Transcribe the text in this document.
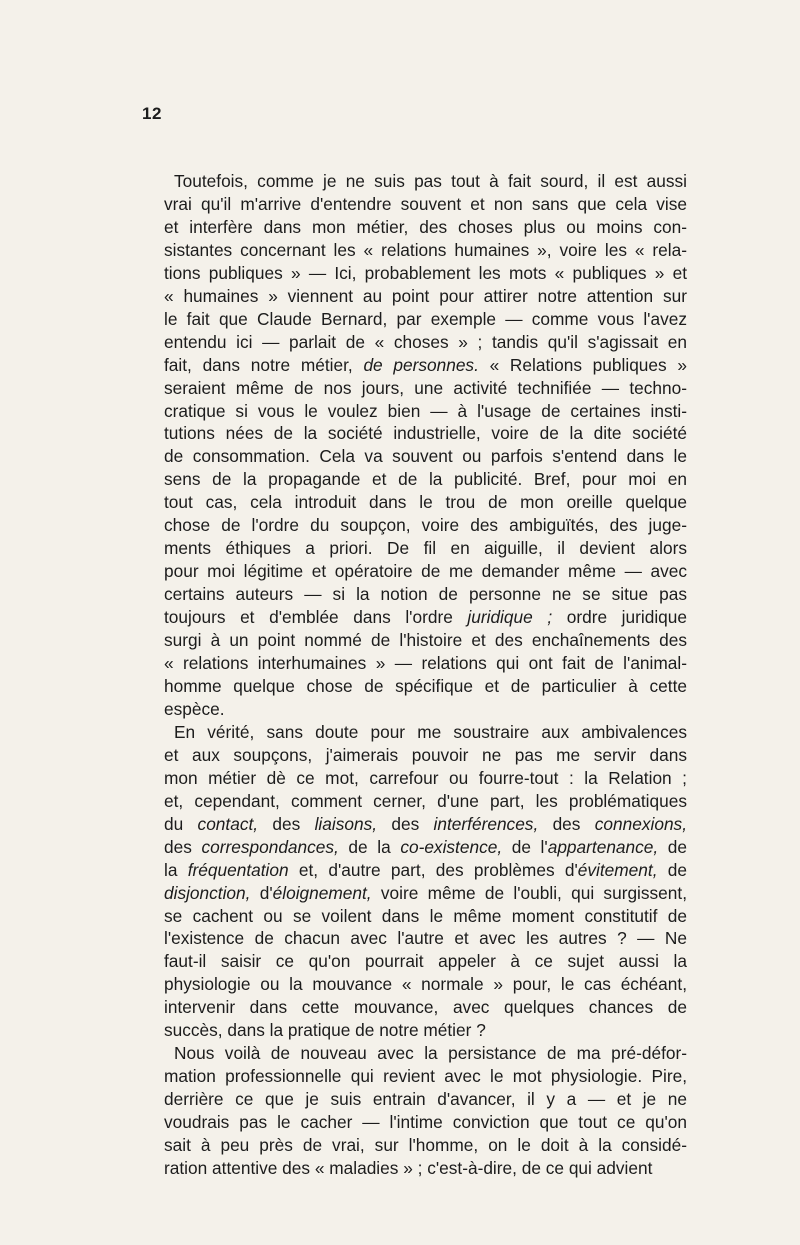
12
Toutefois, comme je ne suis pas tout à fait sourd, il est aussi
vrai qu'il m'arrive d'entendre souvent et non sans que cela vise
et interfère dans mon métier, des choses plus ou moins con-
sistantes concernant les « relations humaines », voire les « rela-
tions publiques » — Ici, probablement les mots « publiques » et
« humaines » viennent au point pour attirer notre attention sur
le fait que Claude Bernard, par exemple — comme vous l'avez
entendu ici — parlait de « choses » ; tandis qu'il s'agissait en
fait, dans notre métier, de personnes. « Relations publiques »
seraient même de nos jours, une activité technifiée — techno-
cratique si vous le voulez bien — à l'usage de certaines insti-
tutions nées de la société industrielle, voire de la dite société
de consommation. Cela va souvent ou parfois s'entend dans le
sens de la propagande et de la publicité. Bref, pour moi en
tout cas, cela introduit dans le trou de mon oreille quelque
chose de l'ordre du soupçon, voire des ambiguïtés, des juge-
ments éthiques a priori. De fil en aiguille, il devient alors
pour moi légitime et opératoire de me demander même — avec
certains auteurs — si la notion de personne ne se situe pas
toujours et d'emblée dans l'ordre juridique ; ordre juridique
surgi à un point nommé de l'histoire et des enchaînements des
« relations interhumaines » — relations qui ont fait de l'animal-
homme quelque chose de spécifique et de particulier à cette
espèce.
En vérité, sans doute pour me soustraire aux ambivalences
et aux soupçons, j'aimerais pouvoir ne pas me servir dans
mon métier dè ce mot, carrefour ou fourre-tout : la Relation ;
et, cependant, comment cerner, d'une part, les problématiques
du contact, des liaisons, des interférences, des connexions,
des correspondances, de la co-existence, de l'appartenance, de
la fréquentation et, d'autre part, des problèmes d'évitement, de
disjonction, d'éloignement, voire même de l'oubli, qui surgissent,
se cachent ou se voilent dans le même moment constitutif de
l'existence de chacun avec l'autre et avec les autres ? — Ne
faut-il saisir ce qu'on pourrait appeler à ce sujet aussi la
physiologie ou la mouvance « normale » pour, le cas échéant,
intervenir dans cette mouvance, avec quelques chances de
succès, dans la pratique de notre métier ?
Nous voilà de nouveau avec la persistance de ma pré-défor-
mation professionnelle qui revient avec le mot physiologie. Pire,
derrière ce que je suis entrain d'avancer, il y a — et je ne
voudrais pas le cacher — l'intime conviction que tout ce qu'on
sait à peu près de vrai, sur l'homme, on le doit à la considé-
ration attentive des « maladies » ; c'est-à-dire, de ce qui advient
